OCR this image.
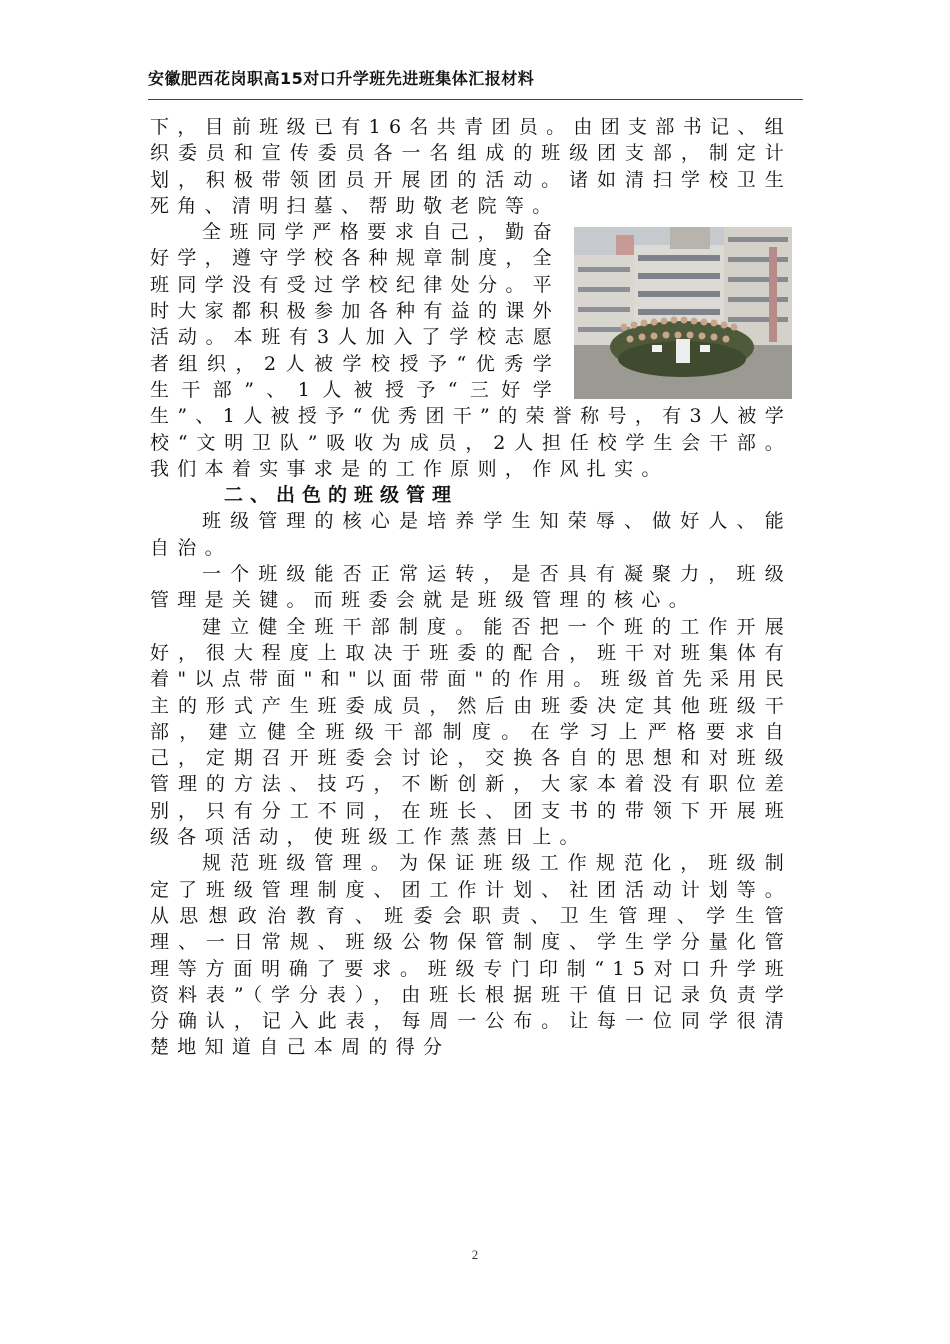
安徽肥西花岗职高15对口升学班先进班集体汇报材料

下，目前班级已有16名共青团员。由团支部书记、组织委员和宣传委员各一名组成的班级团支部，制定计划，积极带领团员开展团的活动。诸如清扫学校卫生死角、清明扫墓、帮助敬老院等。

全班同学严格要求自己，勤奋好学，遵守学校各种规章制度，全班同学没有受过学校纪律处分。平时大家都积极参加各种有益的课外活动。本班有3人加入了学校志愿者组织，2人被学校授予“优秀学生干部”、1人被授予“三好学生”、1人被授予“优秀团干”的荣誉称号，有3人被学校“文明卫队”吸收为成员，2人担任校学生会干部。我们本着实事求是的工作原则，作风扎实。

二、出色的班级管理

班级管理的核心是培养学生知荣辱、做好人、能自治。

一个班级能否正常运转，是否具有凝聚力，班级管理是关键。而班委会就是班级管理的核心。

建立健全班干部制度。能否把一个班的工作开展好，很大程度上取决于班委的配合，班干对班集体有着"以点带面"和"以面带面"的作用。班级首先采用民主的形式产生班委成员，然后由班委决定其他班级干部，建立健全班级干部制度。在学习上严格要求自己，定期召开班委会讨论，交换各自的思想和对班级管理的方法、技巧，不断创新，大家本着没有职位差别，只有分工不同，在班长、团支书的带领下开展班级各项活动，使班级工作蒸蒸日上。

规范班级管理。为保证班级工作规范化，班级制定了班级管理制度、团工作计划、社团活动计划等。从思想政治教育、班委会职责、卫生管理、学生管理、一日常规、班级公物保管制度、学生学分量化管理等方面明确了要求。班级专门印制“15对口升学班资料表”（学分表），由班长根据班干值日记录负责学分确认，记入此表，每周一公布。让每一位同学很清楚地知道自己本周的得分

2
